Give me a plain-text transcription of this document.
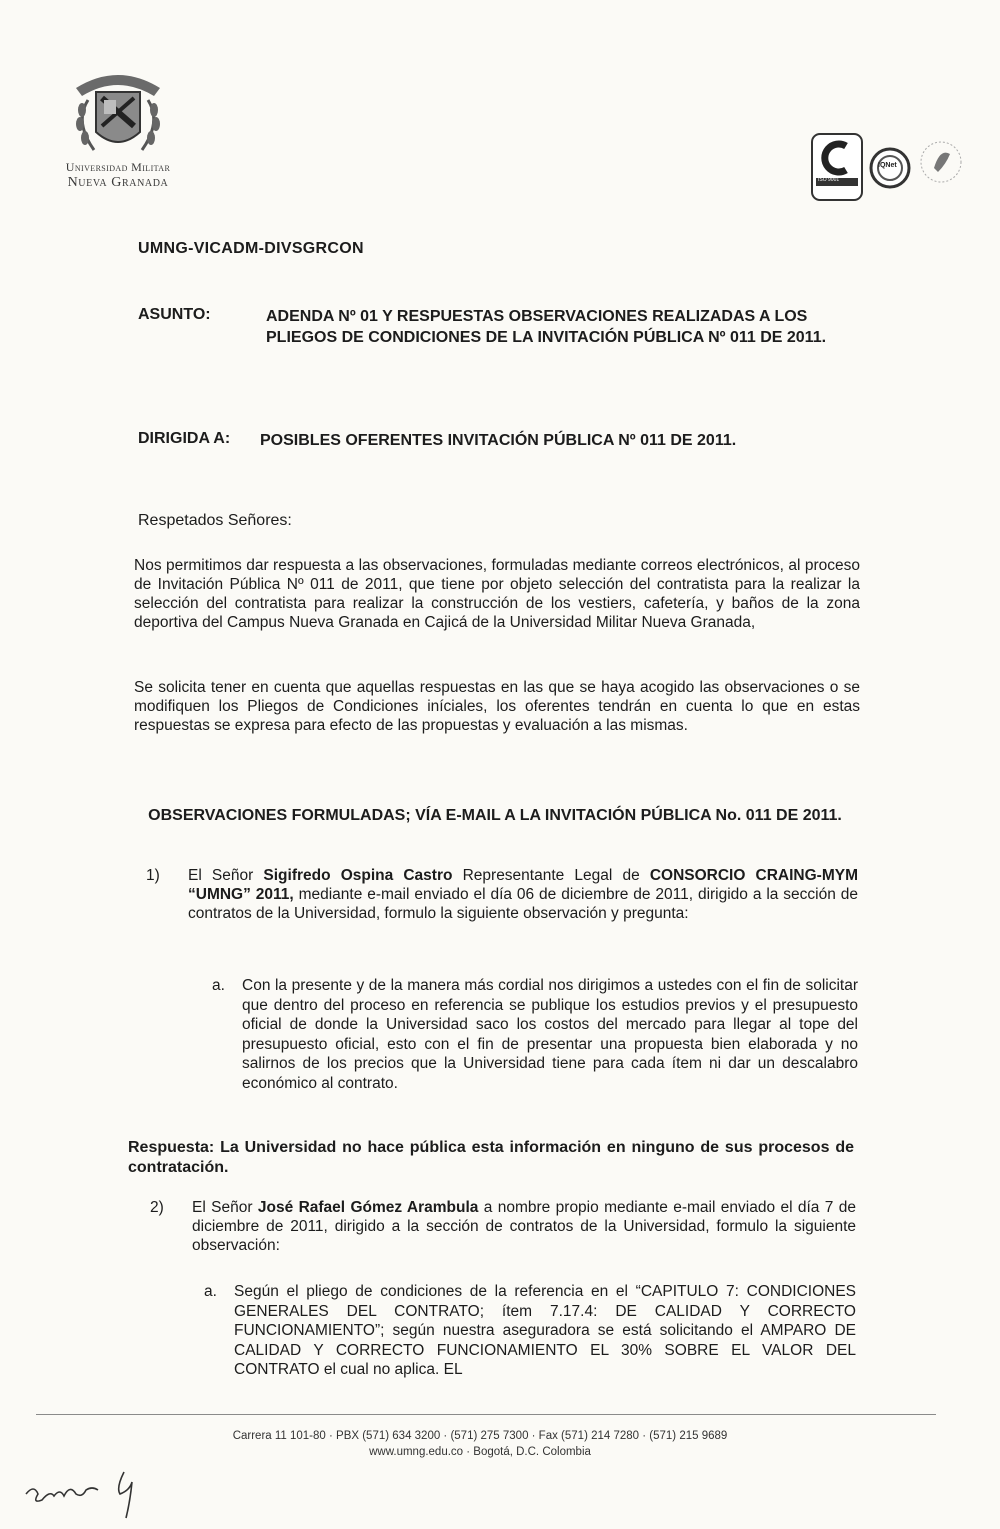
Universidad Militar
Nueva Granada	ISO 9001
IQNet
UMNG-VICADM-DIVSGRCON
ASUNTO:	ADENDA Nº 01 Y RESPUESTAS OBSERVACIONES REALIZADAS A LOS PLIEGOS DE CONDICIONES DE LA INVITACIÓN PÚBLICA Nº 011 DE 2011.
DIRIGIDA A: POSIBLES OFERENTES INVITACIÓN PÚBLICA Nº 011 DE 2011.
Respetados Señores:
Nos permitimos dar respuesta a las observaciones, formuladas mediante correos electrónicos, al proceso de Invitación Pública Nº 011 de 2011, que tiene por objeto selección del contratista para la realizar la selección del contratista para realizar la construcción de los vestiers, cafetería, y baños de la zona deportiva del Campus Nueva Granada en Cajicá de la Universidad Militar Nueva Granada,
Se solicita tener en cuenta que aquellas respuestas en las que se haya acogido las observaciones o se modifiquen los Pliegos de Condiciones iníciales, los oferentes tendrán en cuenta lo que en estas respuestas se expresa para efecto de las propuestas y evaluación a las mismas.
OBSERVACIONES FORMULADAS; VÍA E-MAIL A LA INVITACIÓN PÚBLICA No. 011 DE 2011.
1) El Señor Sigifredo Ospina Castro Representante Legal de CONSORCIO CRAING-MYM “UMNG” 2011, mediante e-mail enviado el día 06 de diciembre de 2011, dirigido a la sección de contratos de la Universidad, formulo la siguiente observación y pregunta:
a. Con la presente y de la manera más cordial nos dirigimos a ustedes con el fin de solicitar que dentro del proceso en referencia se publique los estudios previos y el presupuesto oficial de donde la Universidad saco los costos del mercado para llegar al tope del presupuesto oficial, esto con el fin de presentar una propuesta bien elaborada y no salirnos de los precios que la Universidad tiene para cada ítem ni dar un descalabro económico al contrato.
Respuesta: La Universidad no hace pública esta información en ninguno de sus procesos de contratación.
2) El Señor José Rafael Gómez Arambula a nombre propio mediante e-mail enviado el día 7 de diciembre de 2011, dirigido a la sección de contratos de la Universidad, formulo la siguiente observación:
a. Según el pliego de condiciones de la referencia en el “CAPITULO 7: CONDICIONES GENERALES DEL CONTRATO; ítem 7.17.4: DE CALIDAD Y CORRECTO FUNCIONAMIENTO”; según nuestra aseguradora se está solicitando el AMPARO DE CALIDAD Y CORRECTO FUNCIONAMIENTO EL 30% SOBRE EL VALOR DEL CONTRATO el cual no aplica. EL
Carrera 11 101-80 · PBX (571) 634 3200 · (571) 275 7300 · Fax (571) 214 7280 · (571) 215 9689
www.umng.edu.co · Bogotá, D.C. Colombia
